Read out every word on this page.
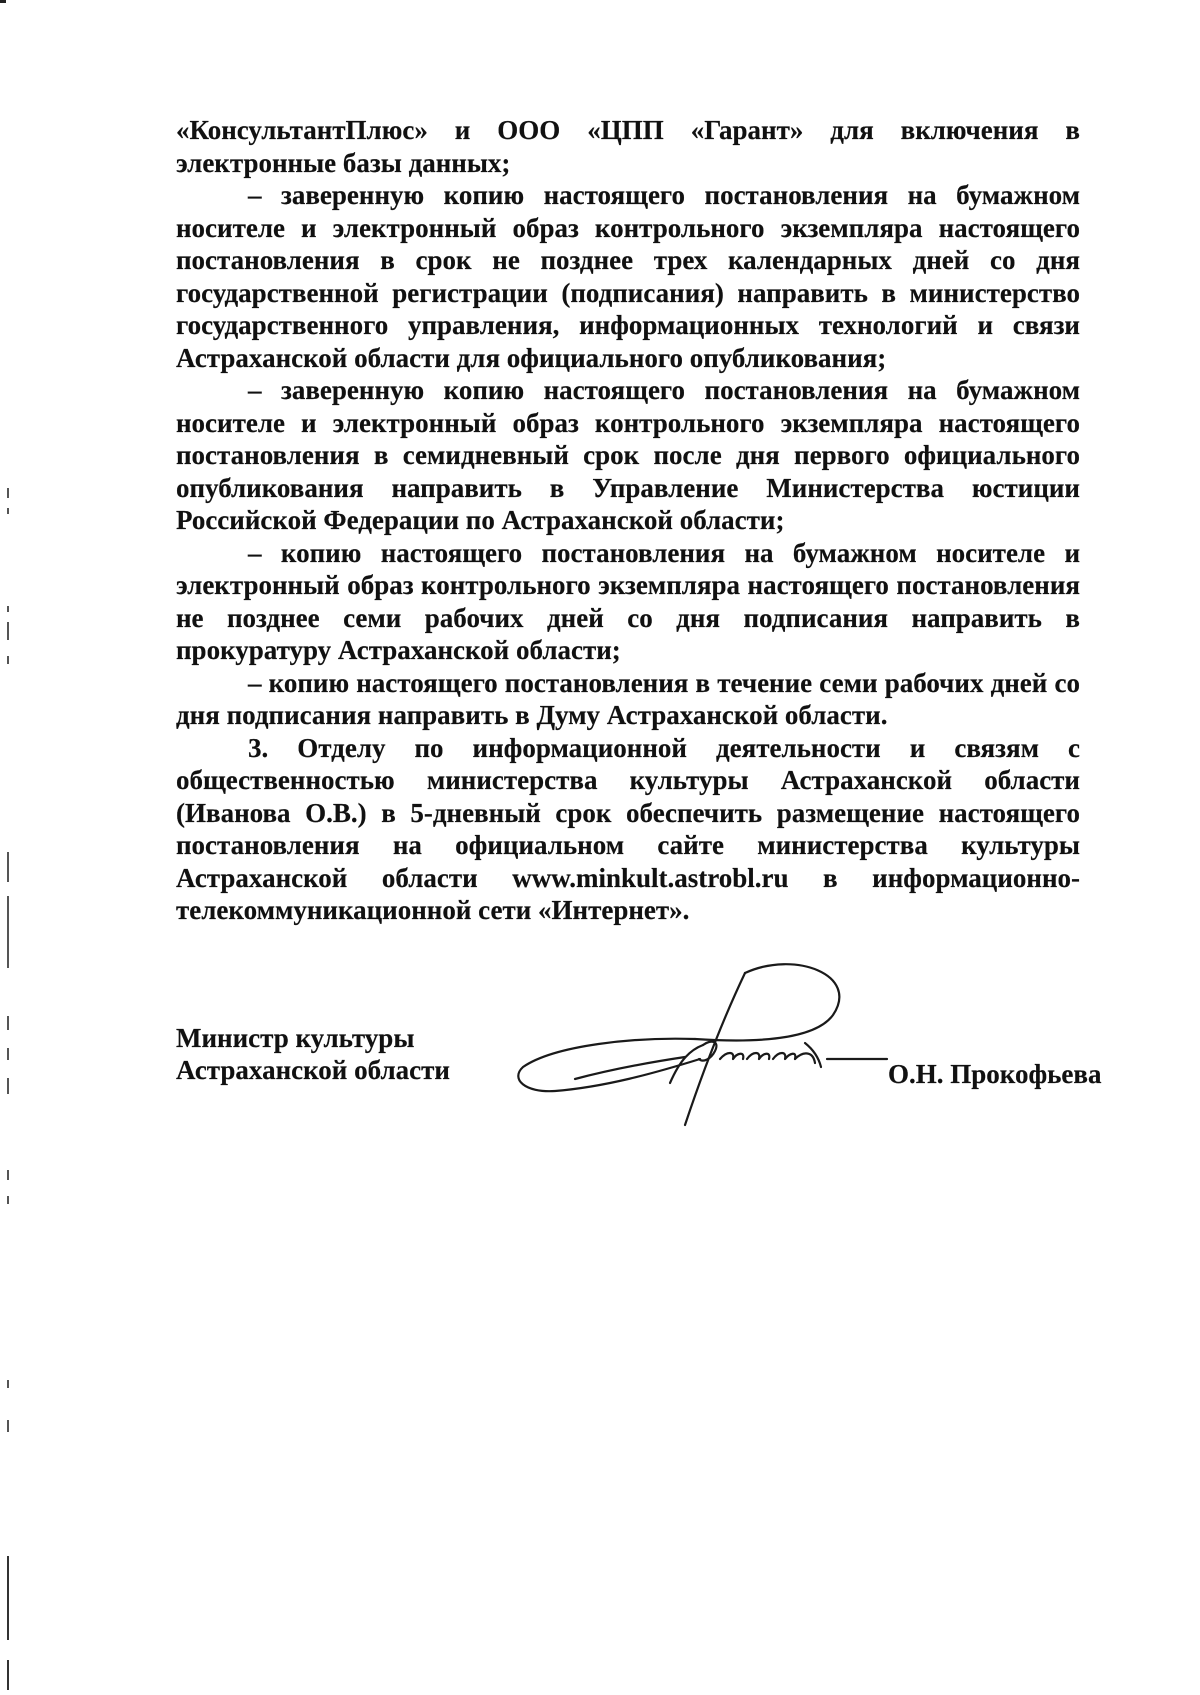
«КонсультантПлюс» и ООО «ЦПП «Гарант» для включения в электронные базы данных;

– заверенную копию настоящего постановления на бумажном носителе и электронный образ контрольного экземпляра настоящего постановления в срок не позднее трех календарных дней со дня государственной регистрации (подписания) направить в министерство государственного управления, информационных технологий и связи Астраханской области для официального опубликования;

– заверенную копию настоящего постановления на бумажном носителе и электронный образ контрольного экземпляра настоящего постановления в семидневный срок после дня первого официального опубликования направить в Управление Министерства юстиции Российской Федерации по Астраханской области;

– копию настоящего постановления на бумажном носителе и электронный образ контрольного экземпляра настоящего постановления не позднее семи рабочих дней со дня подписания направить в прокуратуру Астраханской области;

– копию настоящего постановления в течение семи рабочих дней со дня подписания направить в Думу Астраханской области.

3. Отделу по информационной деятельности и связям с общественностью министерства культуры Астраханской области (Иванова О.В.) в 5-дневный срок обеспечить размещение настоящего постановления на официальном сайте министерства культуры Астраханской области www.minkult.astrobl.ru в информационно-телекоммуникационной сети «Интернет».

Министр культуры
Астраханской области	О.Н. Прокофьева
